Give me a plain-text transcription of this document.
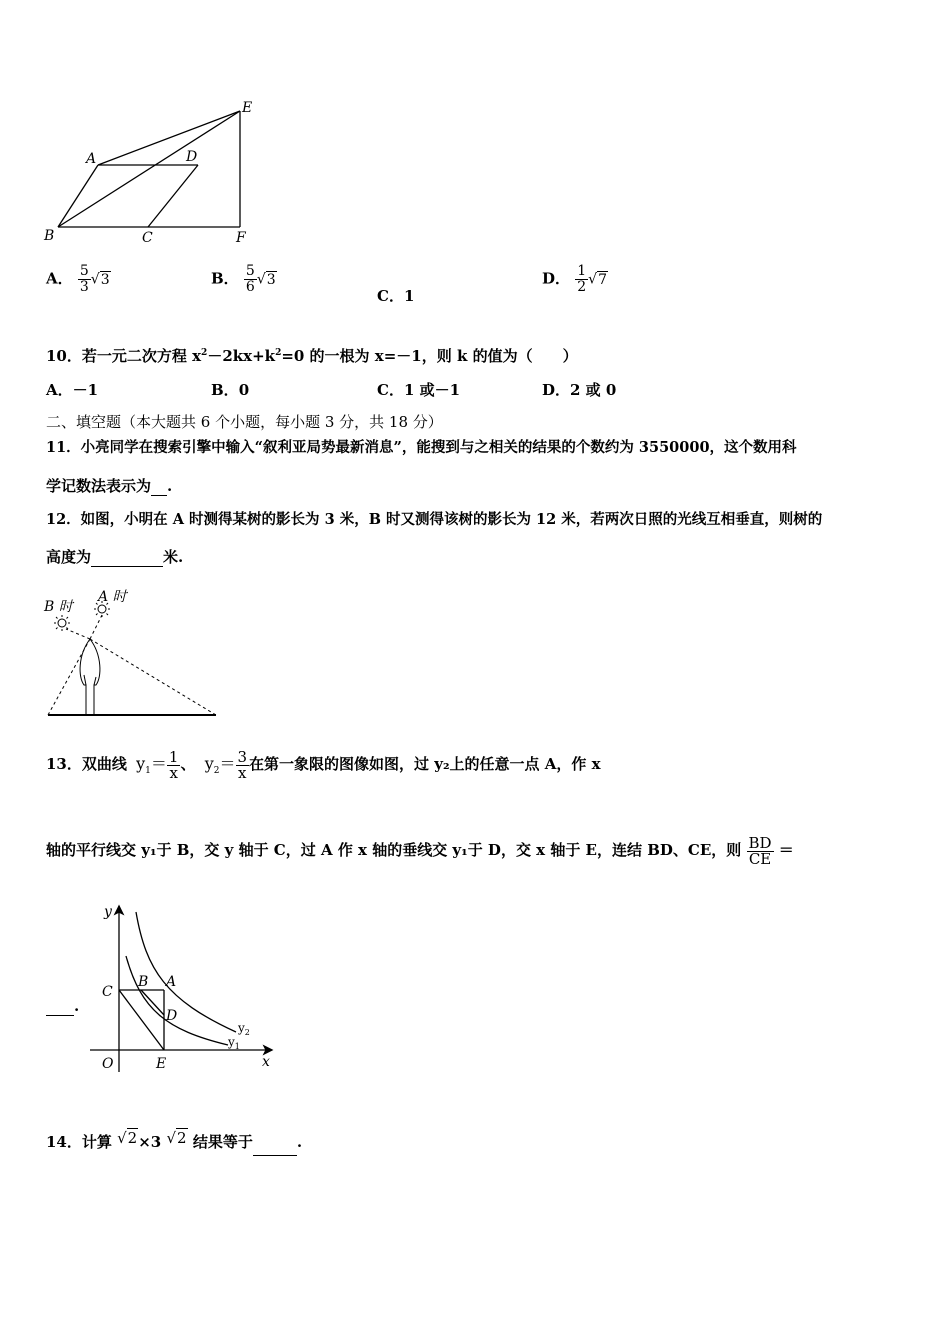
A	D
E
B	C	F
A． $\frac{5}{3} √3$	B． $\frac{5}{6} √3$
C．1
D． $\frac{1}{2} √7$
10．若一元二次方程 $x^2-2kx+k^2=0$ 的一根为 x=－1，则 k 的值为（　　）
A．－1	B．0	C．1 或－1	D．2 或 0
二、填空题（本大题共 6 个小题，每小题 3 分，共 18 分）
11．小亮同学在搜索引擎中输入“叙利亚局势最新消息”，能搜到与之相关的结果的个数约为 3550000，这个数用科
学记数法表示为 .
12．如图，小明在 A 时测得某树的影长为 3 米，B 时又测得该树的影长为 12 米，若两次日照的光线互相垂直，则树的
高度为	米.
B 时
A 时
13．双曲线 $y_1= \frac{1}{x}$ 、 $y_2= \frac{3}{x}$ 在第一象限的图像如图，过 y₂上的任意一点 A，作 x
轴的平行线交 y₁于 B，交 y 轴于 C，过 A 作 x 轴的垂线交 y₁于 D，交 x 轴于 E，连结 BD、CE，则 $\frac{BD}{CE}$ ＝
.
y
x
O
C
B A
D
E
$y_2$
$y_1$
14．计算 √2×3 √2 结果等于	.
